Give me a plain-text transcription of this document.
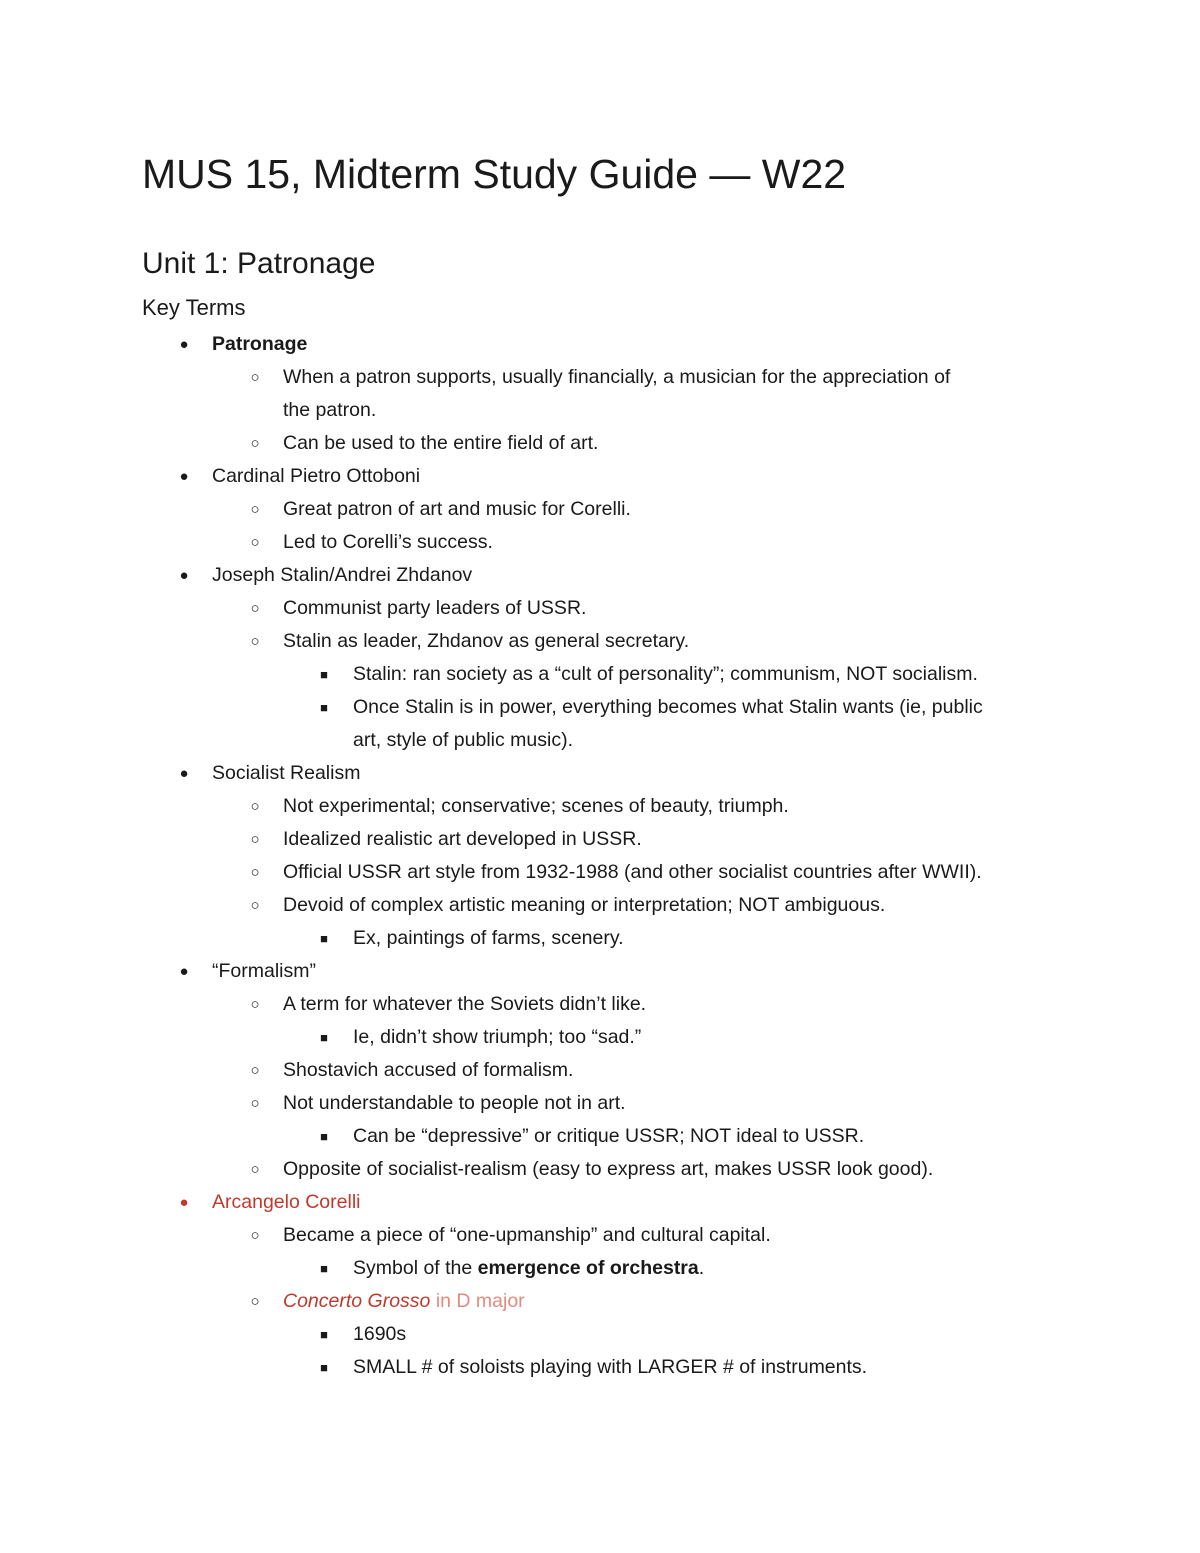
MUS 15, Midterm Study Guide — W22
Unit 1: Patronage
Key Terms
●	Patronage
○	When a patron supports, usually financially, a musician for the appreciation of
the patron.
○	Can be used to the entire field of art.
●	Cardinal Pietro Ottoboni
○	Great patron of art and music for Corelli.
○	Led to Corelli’s success.
●	Joseph Stalin/Andrei Zhdanov
○	Communist party leaders of USSR.
○	Stalin as leader, Zhdanov as general secretary.
■	Stalin: ran society as a “cult of personality”; communism, NOT socialism.
■	Once Stalin is in power, everything becomes what Stalin wants (ie, public
art, style of public music).
●	Socialist Realism
○	Not experimental; conservative; scenes of beauty, triumph.
○	Idealized realistic art developed in USSR.
○	Official USSR art style from 1932-1988 (and other socialist countries after WWII).
○	Devoid of complex artistic meaning or interpretation; NOT ambiguous.
■	Ex, paintings of farms, scenery.
●	“Formalism”
○	A term for whatever the Soviets didn’t like.
■	Ie, didn’t show triumph; too “sad.”
○	Shostavich accused of formalism.
○	Not understandable to people not in art.
■	Can be “depressive” or critique USSR; NOT ideal to USSR.
○	Opposite of socialist-realism (easy to express art, makes USSR look good).
●	Arcangelo Corelli
○	Became a piece of “one-upmanship” and cultural capital.
■	Symbol of the emergence of orchestra.
○	Concerto Grosso in D major
■	1690s
■	SMALL # of soloists playing with LARGER # of instruments.
